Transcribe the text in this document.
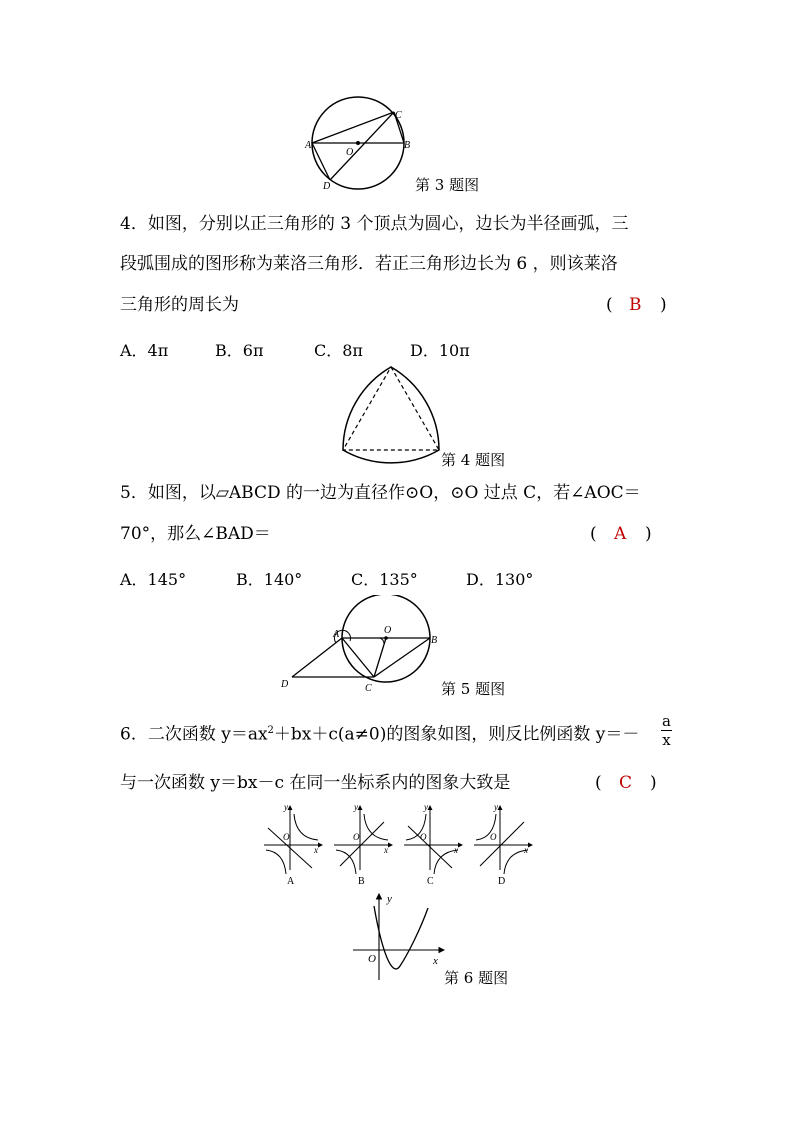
A	B
C
D
O
第 3 题图
4．如图，分别以正三角形的 3 个顶点为圆心，边长为半径画弧，三
段弧围成的图形称为莱洛三角形．若正三角形边长为 6 ，则该莱洛
三角形的周长为	( B )
A．4π	B．6π	C．8π	D．10π
第 4 题图
5．如图，以▱ABCD 的一边为直径作⊙O，⊙O 过点 C，若∠AOC＝
70°，那么∠BAD＝	( A )
A．145°	B．140°	C．135°	D．130°
A
B
C
D
O
第 5 题图
6．二次函数 $y=ax^2+bx+c(a\ne 0)$的图象如图，则反比例函数 $y=- \frac{a}{x}$
与一次函数 y＝bx－c 在同一坐标系内的图象大致是	( C )
y
x
O
A
y
x
O
B
y
x
O
C
y
x
O
D
y
x
O
第 6 题图
